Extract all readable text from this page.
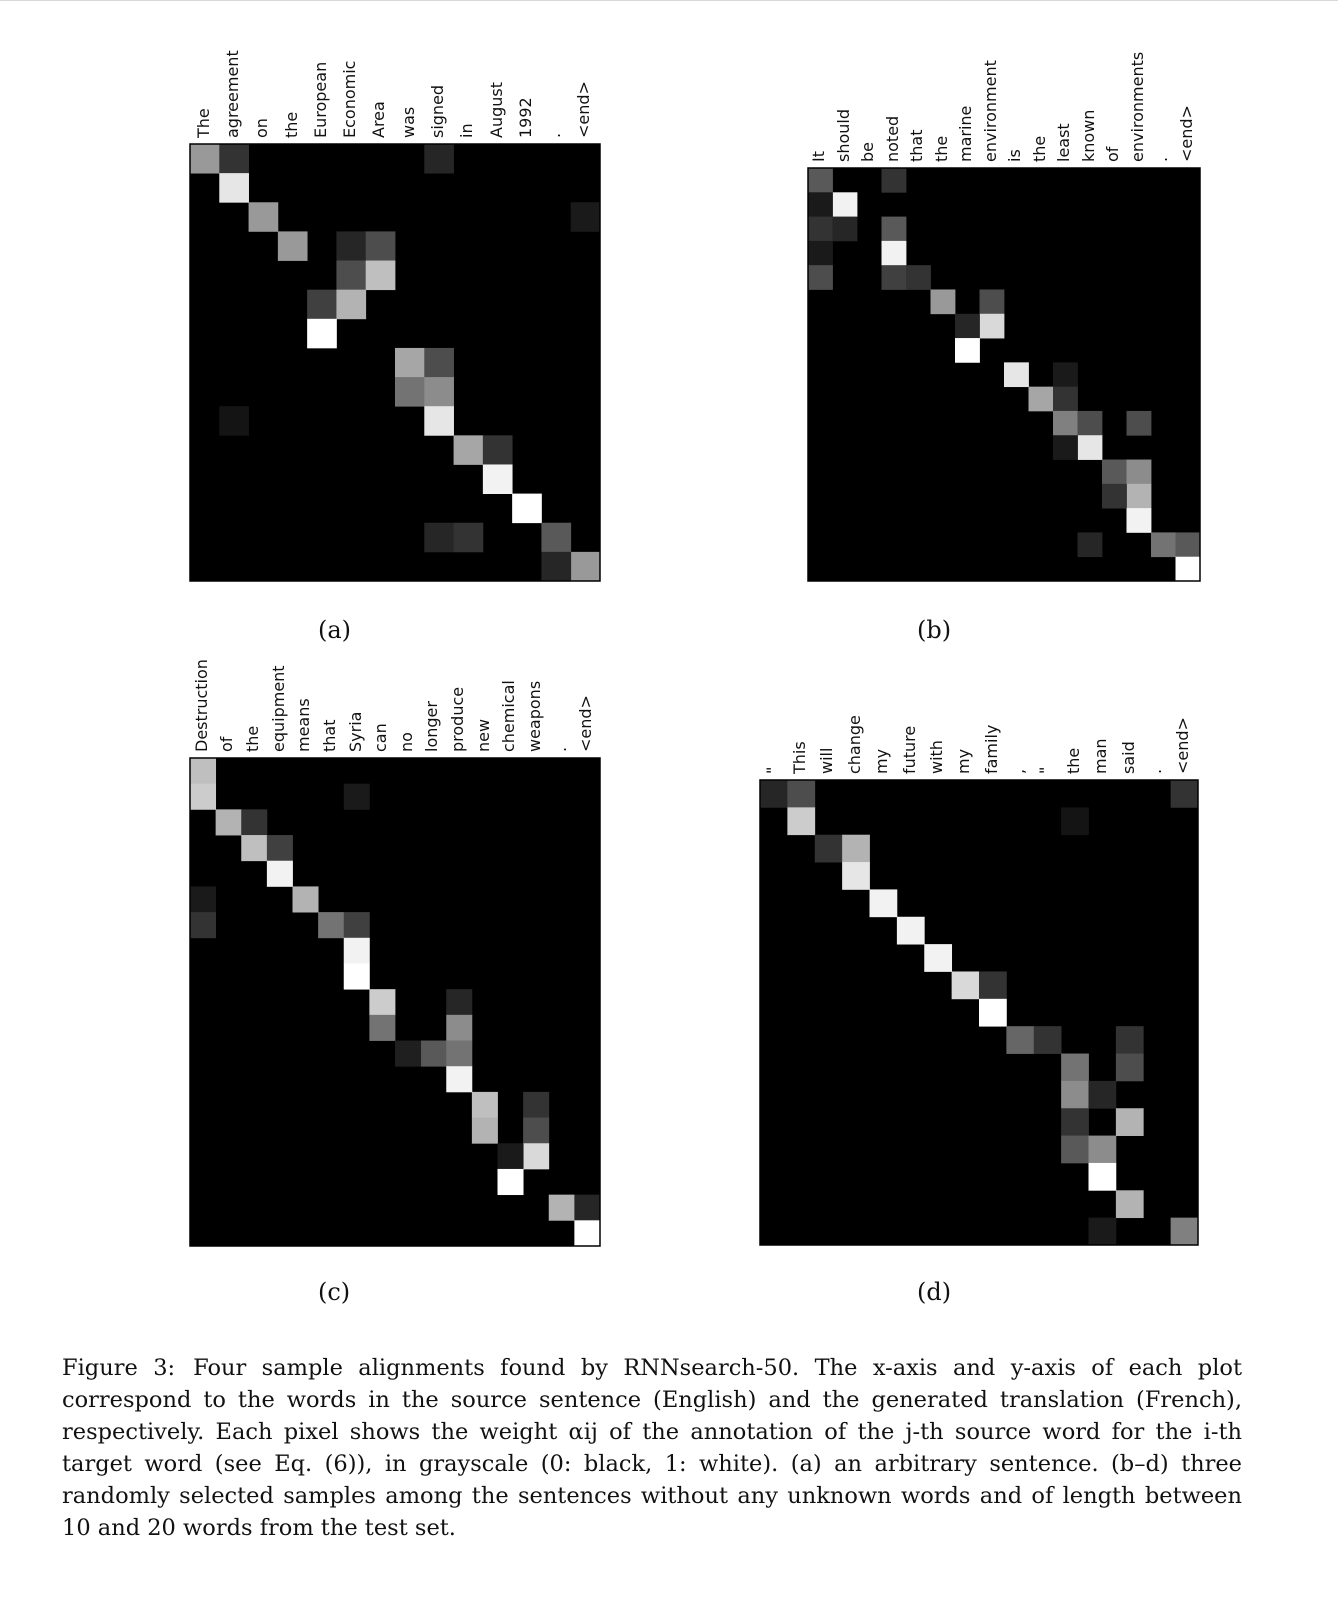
The agreement on the European Economic Area was signed in August 1992 . <end>
(a)
It should be noted that the marine environment is the least known of environments . <end>
(b)
Destruction of the equipment means that Syria can no longer produce new chemical weapons . <end>
(c)
" This will change my future with my family , " the man said . <end>
(d)
Figure 3: Four sample alignments found by RNNsearch-50. The x-axis and y-axis of each plot correspond to the words in the source sentence (English) and the generated translation (French), respectively. Each pixel shows the weight αij of the annotation of the j-th source word for the i-th target word (see Eq. (6)), in grayscale (0: black, 1: white). (a) an arbitrary sentence. (b–d) three randomly selected samples among the sentences without any unknown words and of length between 10 and 20 words from the test set.
